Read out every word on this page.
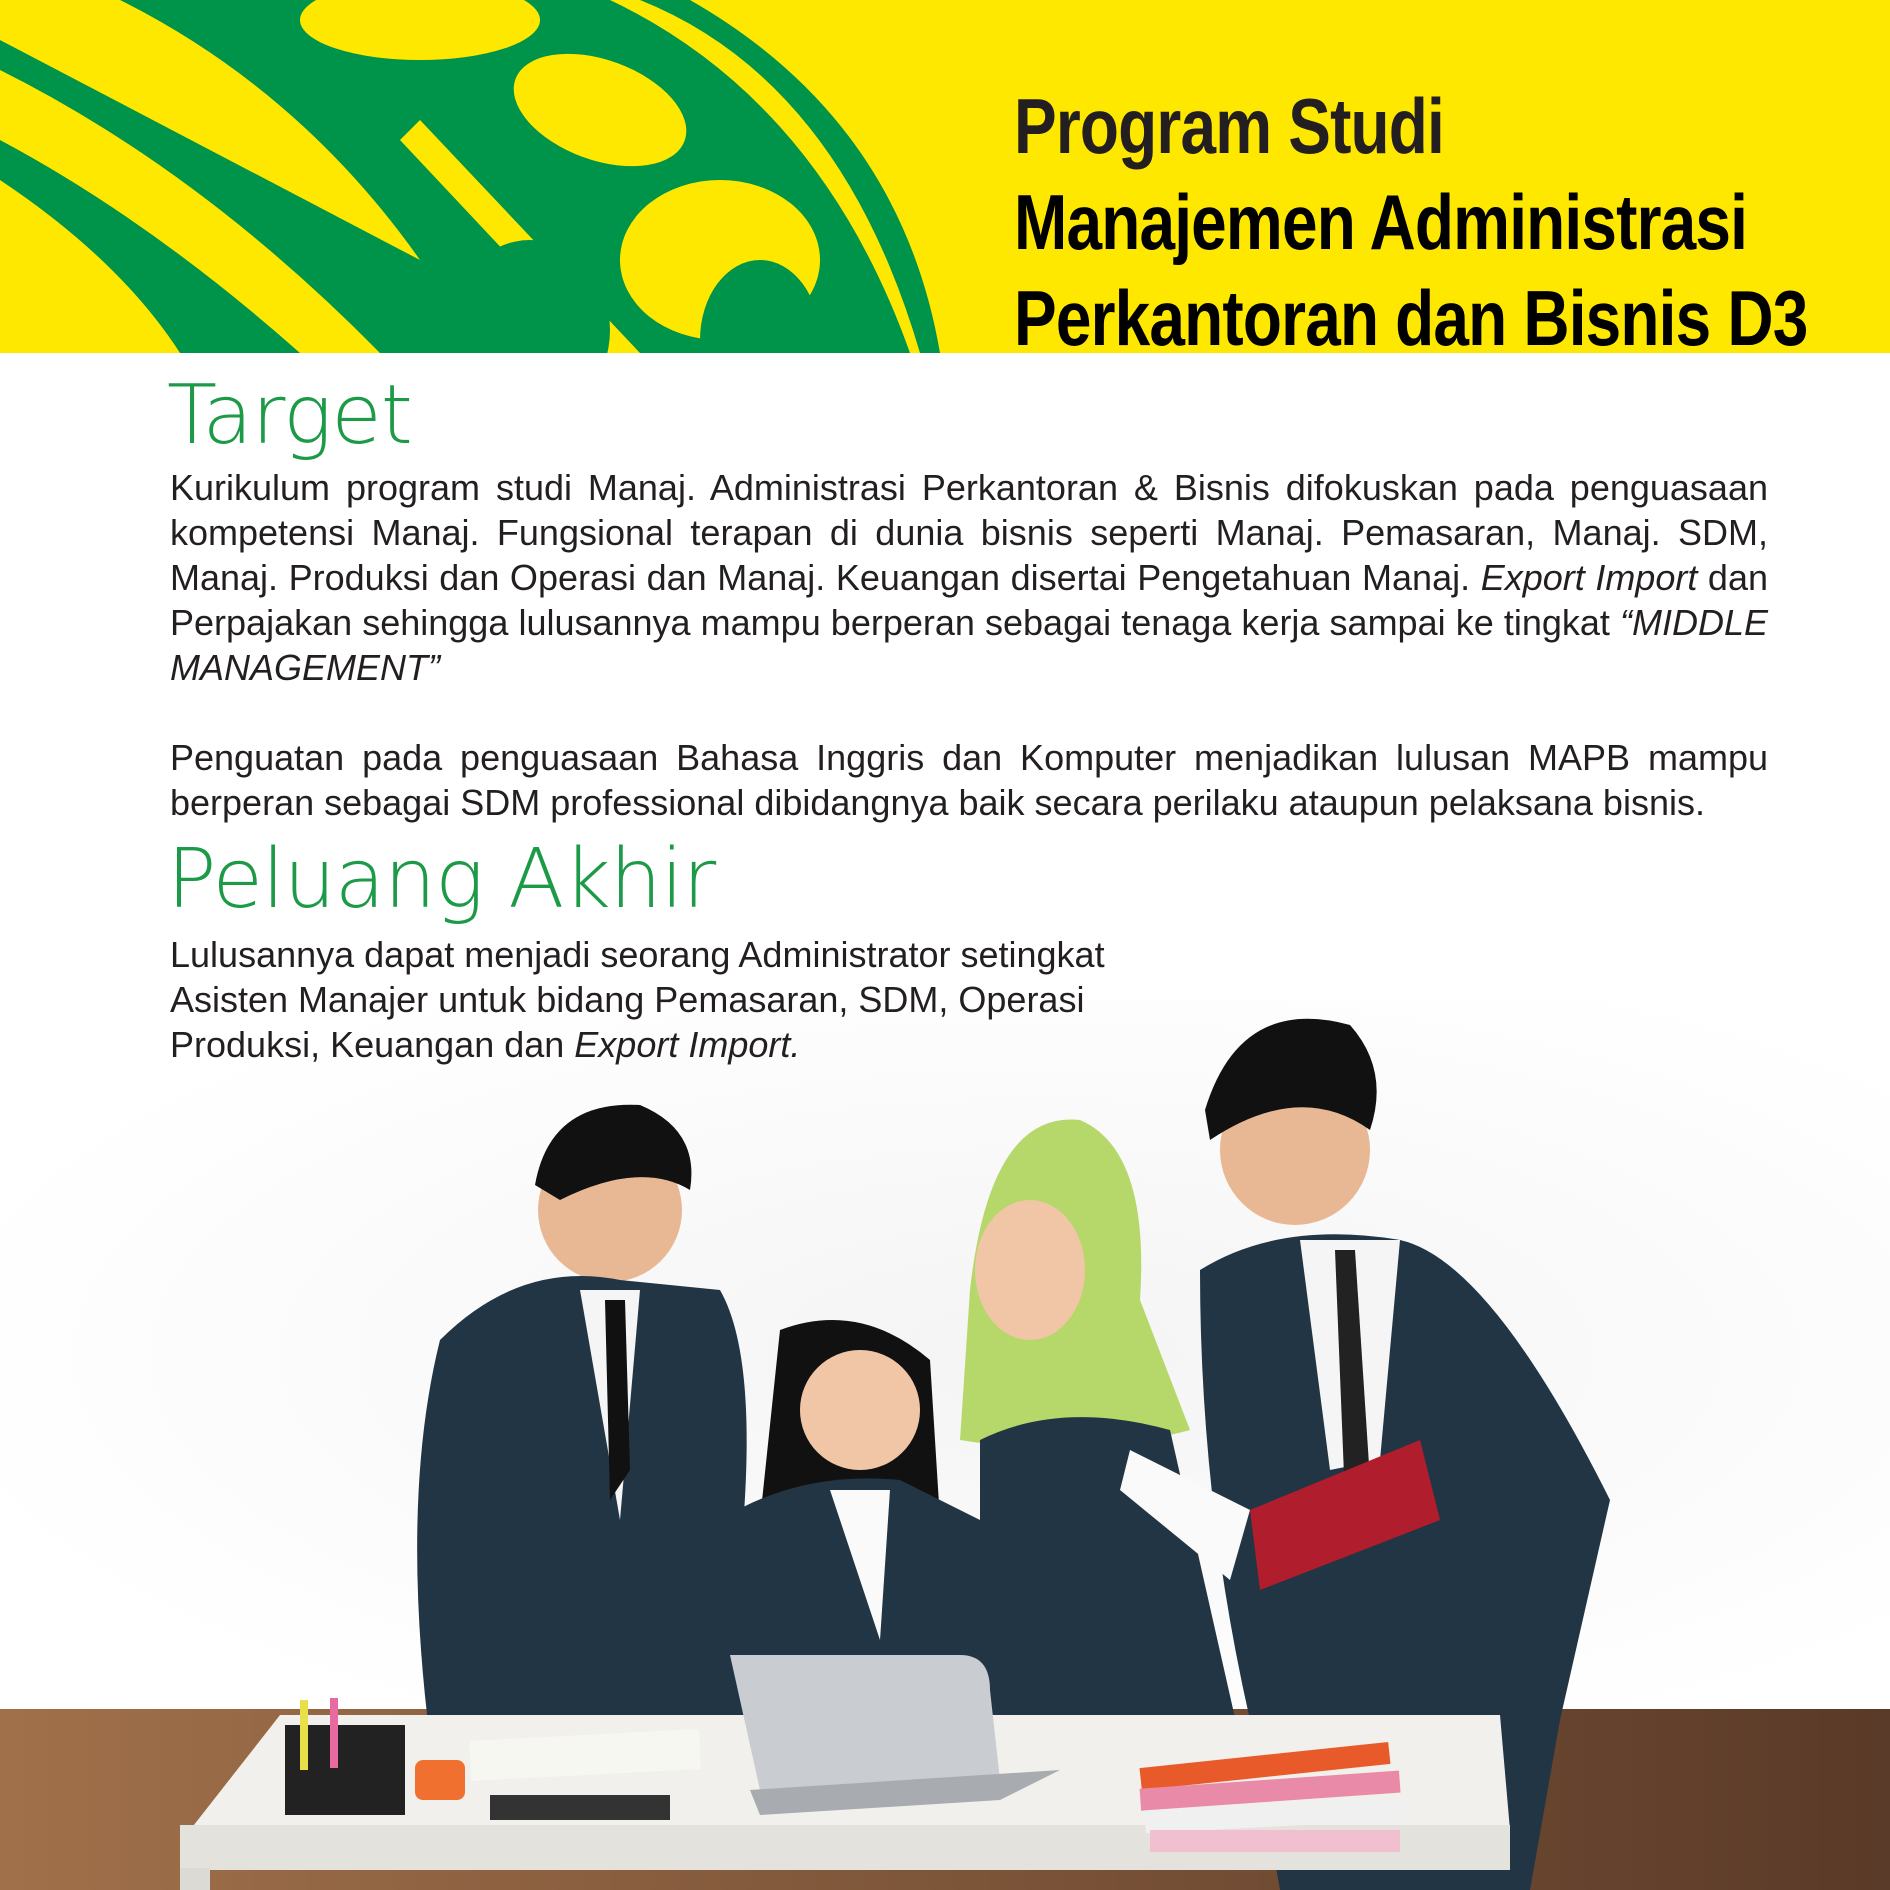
Program Studi
Manajemen Administrasi
Perkantoran dan Bisnis D3
Target

Kurikulum program studi Manaj. Administrasi Perkantoran & Bisnis difokuskan pada penguasaan kompetensi Manaj. Fungsional terapan di dunia bisnis seperti Manaj. Pemasaran, Manaj. SDM, Manaj. Produksi dan Operasi dan Manaj. Keuangan disertai Pengetahuan Manaj. Export Import dan Perpajakan sehingga lulusannya mampu berperan sebagai tenaga kerja sampai ke tingkat “MIDDLE MANAGEMENT”

Penguatan pada penguasaan Bahasa Inggris dan Komputer menjadikan lulusan MAPB mampu berperan sebagai SDM professional dibidangnya baik secara perilaku ataupun pelaksana bisnis.

Peluang Akhir

Lulusannya dapat menjadi seorang Administrator setingkat Asisten Manajer untuk bidang Pemasaran, SDM, Operasi Produksi, Keuangan dan Export Import.
